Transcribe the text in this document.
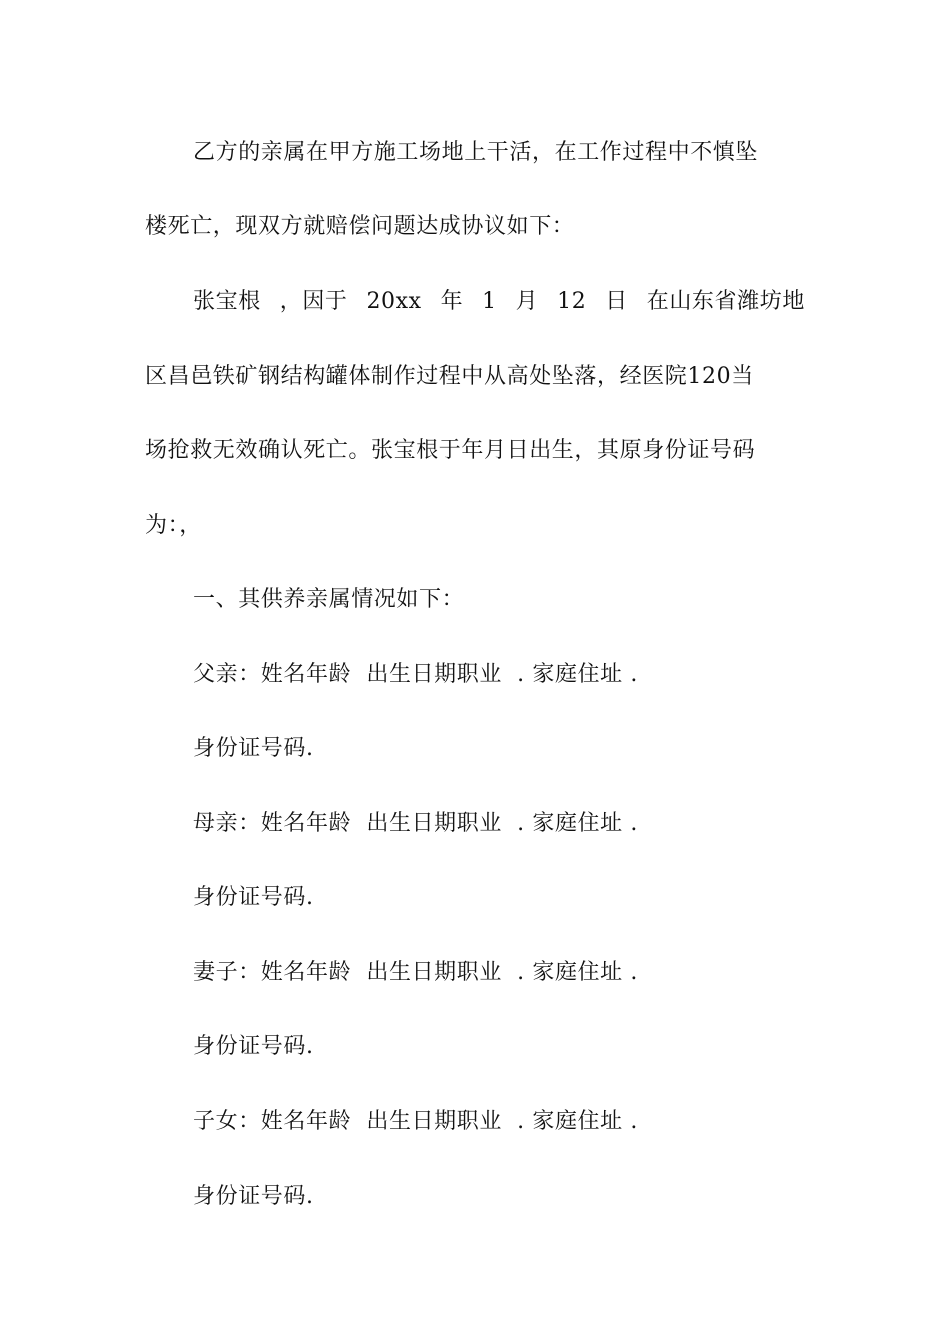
乙方的亲属在甲方施工场地上干活，在工作过程中不慎坠
楼死亡，现双方就赔偿问题达成协议如下：
张宝根 ，因于 20xx 年 1 月 12 日 在山东省潍坊地
区昌邑铁矿钢结构罐体制作过程中从高处坠落，经医院120当
场抢救无效确认死亡。张宝根于年月日出生，其原身份证号码
为：，
一、其供养亲属情况如下：
父亲：姓名年龄  出生日期职业  . 家庭住址 .
身份证号码.
母亲：姓名年龄  出生日期职业  . 家庭住址 .
身份证号码.
妻子：姓名年龄  出生日期职业  . 家庭住址 .
身份证号码.
子女：姓名年龄  出生日期职业  . 家庭住址 .
身份证号码.
